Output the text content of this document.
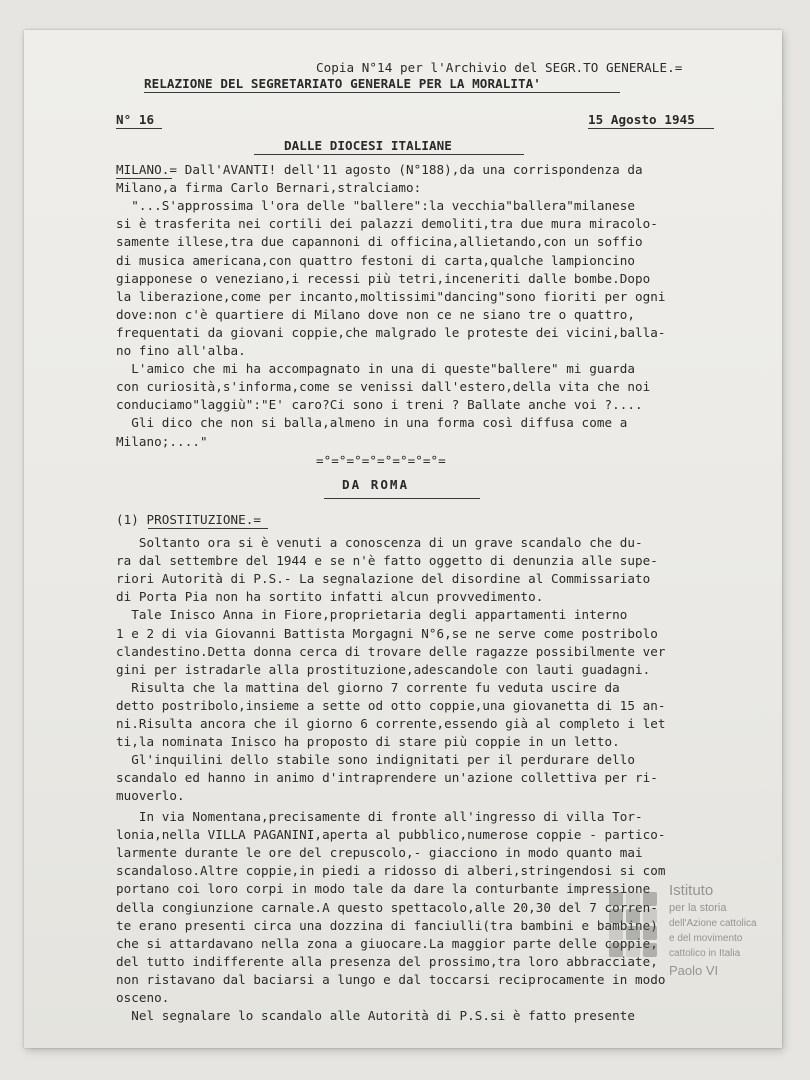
Copia N°14 per l'Archivio del SEGR.TO GENERALE.=
RELAZIONE DEL SEGRETARIATO GENERALE PER LA MORALITA'
N° 16	15 Agosto 1945
DALLE DIOCESI ITALIANE
MILANO.= Dall'AVANTI! dell'11 agosto (N°188),da una corrispondenza da
Milano,a firma Carlo Bernari,stralciamo:
"...S'approssima l'ora delle "ballere":la vecchia"ballera"milanese
si è trasferita nei cortili dei palazzi demoliti,tra due mura miracolo-
samente illese,tra due capannoni di officina,allietando,con un soffio
di musica americana,con quattro festoni di carta,qualche lampioncino
giapponese o veneziano,i recessi più tetri,inceneriti dalle bombe.Dopo
la liberazione,come per incanto,moltissimi"dancing"sono fioriti per ogni
dove:non c'è quartiere di Milano dove non ce ne siano tre o quattro,
frequentati da giovani coppie,che malgrado le proteste dei vicini,balla-
no fino all'alba.
L'amico che mi ha accompagnato in una di queste"ballere" mi guarda
con curiosità,s'informa,come se venissi dall'estero,della vita che noi
conduciamo"laggiù":"E' caro?Ci sono i treni ? Ballate anche voi ?....
Gli dico che non si balla,almeno in una forma così diffusa come a
Milano;...."
=°=°=°=°=°=°=°=°=
DA ROMA
(1) PROSTITUZIONE.=
Soltanto ora si è venuti a conoscenza di un grave scandalo che du-
ra dal settembre del 1944 e se n'è fatto oggetto di denunzia alle supe-
riori Autorità di P.S.- La segnalazione del disordine al Commissariato
di Porta Pia non ha sortito infatti alcun provvedimento.
Tale Inisco Anna in Fiore,proprietaria degli appartamenti interno
1 e 2 di via Giovanni Battista Morgagni N°6,se ne serve come postribolo
clandestino.Detta donna cerca di trovare delle ragazze possibilmente ver
gini per istradarle alla prostituzione,adescandole con lauti guadagni.
Risulta che la mattina del giorno 7 corrente fu veduta uscire da
detto postribolo,insieme a sette od otto coppie,una giovanetta di 15 an-
ni.Risulta ancora che il giorno 6 corrente,essendo già al completo i let
ti,la nominata Inisco ha proposto di stare più coppie in un letto.
Gl'inquilini dello stabile sono indignitati per il perdurare dello
scandalo ed hanno in animo d'intraprendere un'azione collettiva per ri-
muoverlo.
In via Nomentana,precisamente di fronte all'ingresso di villa Tor-
lonia,nella VILLA PAGANINI,aperta al pubblico,numerose coppie - partico-
larmente durante le ore del crepuscolo,- giacciono in modo quanto mai
scandaloso.Altre coppie,in piedi a ridosso di alberi,stringendosi si com
portano coi loro corpi in modo tale da dare la conturbante impressione
della congiunzione carnale.A questo spettacolo,alle 20,30 del 7 corren-
te erano presenti circa una dozzina di fanciulli(tra bambini e bambine)
che si attardavano nella zona a giuocare.La maggior parte delle coppie,
del tutto indifferente alla presenza del prossimo,tra loro abbracciate,
non ristavano dal baciarsi a lungo e dal toccarsi reciprocamente in modo
osceno.
Nel segnalare lo scandalo alle Autorità di P.S.si è fatto presente
Istituto
per la storia
dell'Azione cattolica
e del movimento
cattolico in Italia
Paolo VI
